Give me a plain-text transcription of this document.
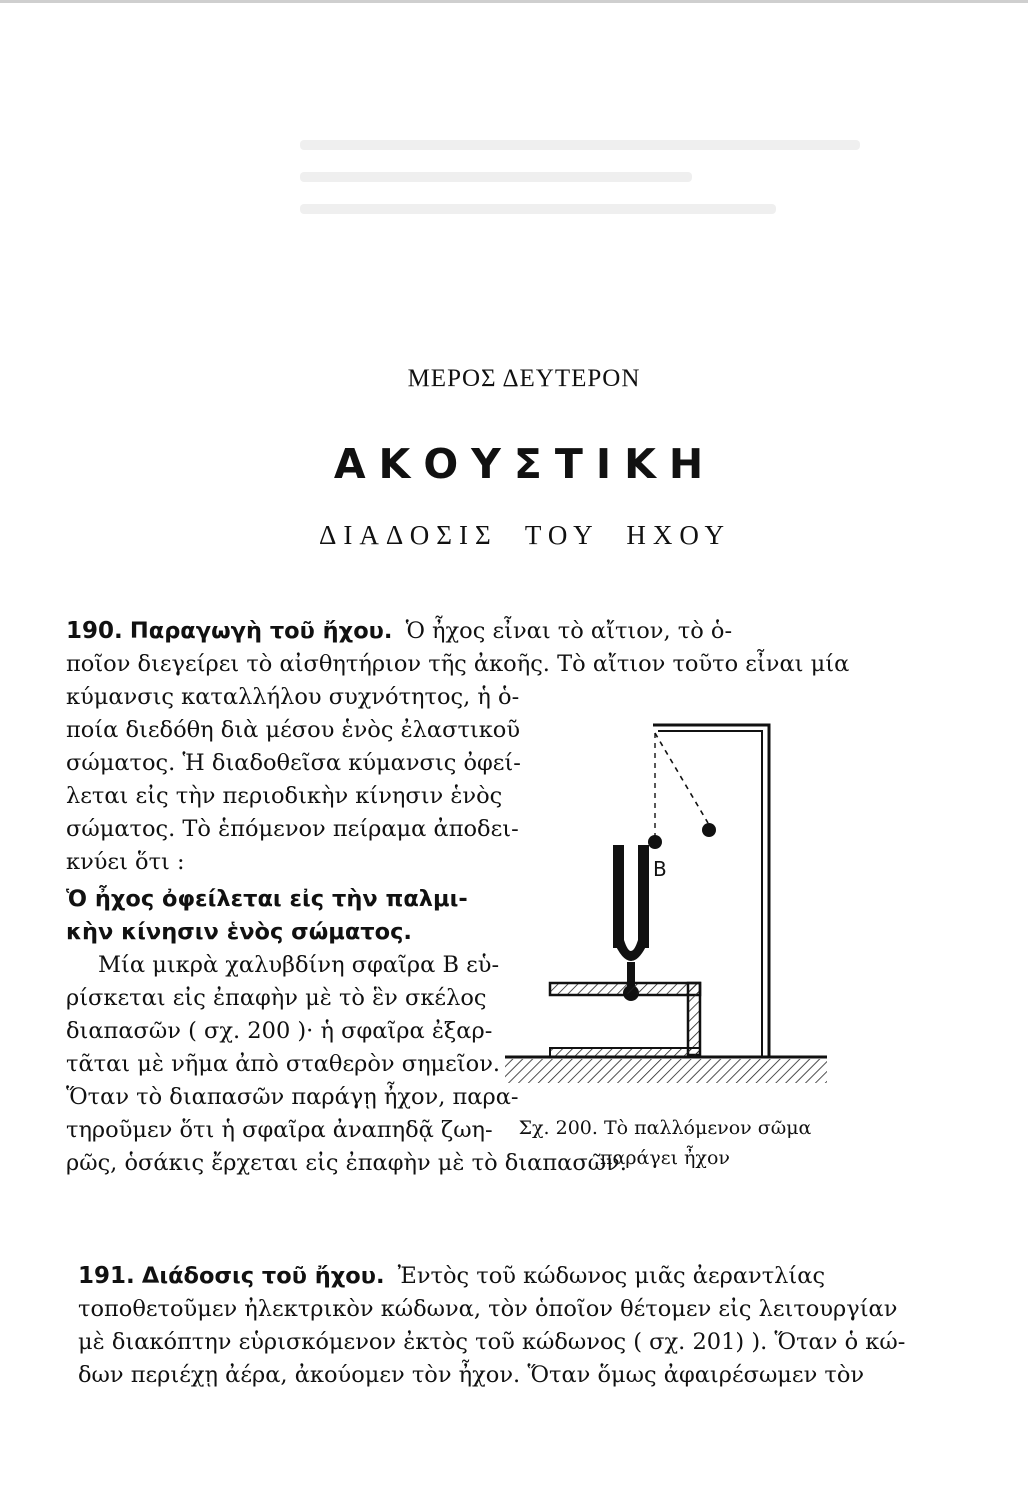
ΜΕΡΟΣ ΔΕΥΤΕΡΟΝ
ΑΚΟΥΣΤΙΚΗ
ΔΙΑΔΟΣΙΣ ΤΟΥ ΗΧΟΥ

190. Παραγωγὴ τοῦ ἤχου. Ὁ ἦχος εἶναι τὸ αἴτιον, τὸ ὁ-

ποῖον διεγείρει τὸ αἰσθητήριον τῆς ἀκοῆς. Τὸ αἴτιον τοῦτο εἶναι μία

κύμανσις καταλλήλου συχνότητος, ἡ ὁ-

ποία διεδόθη διὰ μέσου ἑνὸς ἐλαστικοῦ

σώματος. Ἡ διαδοθεῖσα κύμανσις ὀφεί-

λεται εἰς τὴν περιοδικὴν κίνησιν ἑνὸς

σώματος. Τὸ ἑπόμενον πείραμα ἀποδει-

κνύει ὅτι :

Ὁ ἦχος ὀφείλεται εἰς τὴν παλμι-

κὴν κίνησιν ἑνὸς σώματος.

Μία μικρὰ χαλυβδίνη σφαῖρα Β εὑ-

ρίσκεται εἰς ἐπαφὴν μὲ τὸ ἓν σκέλος

διαπασῶν ( σχ. 200 )· ἡ σφαῖρα ἐξαρ-

τᾶται μὲ νῆμα ἀπὸ σταθερὸν σημεῖον.

Ὅταν τὸ διαπασῶν παράγῃ ἦχον, παρα-

τηροῦμεν ὅτι ἡ σφαῖρα ἀναπηδᾷ ζωη-

ρῶς, ὁσάκις ἔρχεται εἰς ἐπαφὴν μὲ τὸ διαπασῶν.

Β
Σχ. 200. Τὸ παλλόμενον σῶμα
παράγει ἦχον

191. Διάδοσις τοῦ ἤχου. Ἐντὸς τοῦ κώδωνος μιᾶς ἀεραντλίας

τοποθετοῦμεν ἠλεκτρικὸν κώδωνα, τὸν ὁποῖον θέτομεν εἰς λειτουργίαν

μὲ διακόπτην εὑρισκόμενον ἐκτὸς τοῦ κώδωνος ( σχ. 201) ). Ὅταν ὁ κώ-

δων περιέχῃ ἀέρα, ἀκούομεν τὸν ἦχον. Ὅταν ὅμως ἀφαιρέσωμεν τὸν
